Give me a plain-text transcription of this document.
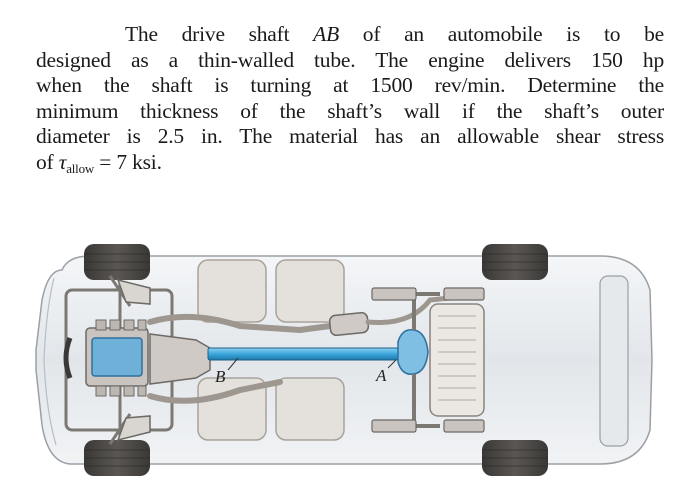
The drive shaft AB of an automobile is to be
designed as a thin-walled tube. The engine delivers 150 hp
when the shaft is turning at 1500 rev/min. Determine the
minimum thickness of the shaft’s wall if the shaft’s outer
diameter is 2.5 in. The material has an allowable shear stress
of $\tau_{allow} = 7$ ksi.
B	A
